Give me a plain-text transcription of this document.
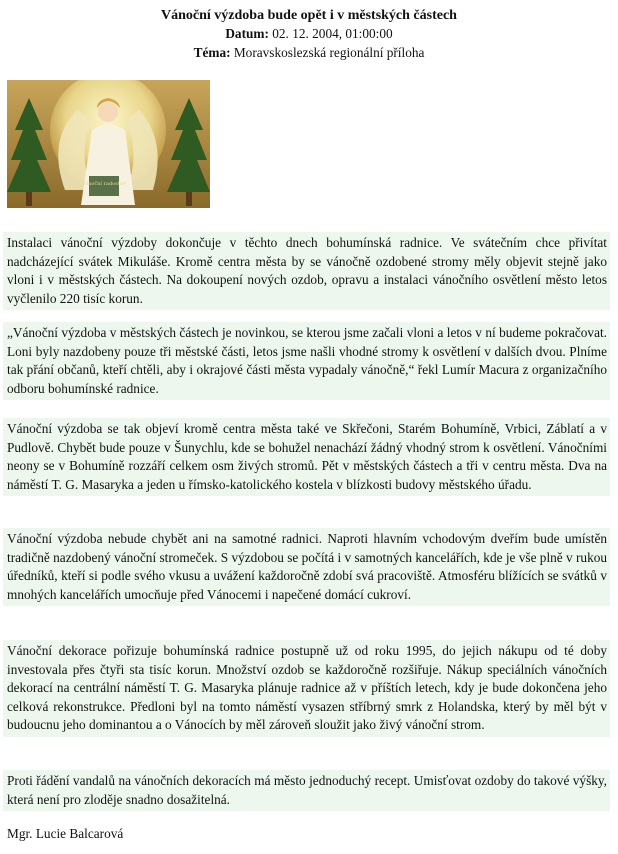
Vánoční výzdoba bude opět i v městských částech
Datum: 02. 12. 2004, 01:00:00
Téma: Moravskoslezská regionální příloha
Vánoční radostné
Instalaci vánoční výzdoby dokončuje v těchto dnech bohumínská radnice. Ve svátečním chce přivítat nadcházející svátek Mikuláše. Kromě centra města by se vánočně ozdobené stromy měly objevit stejně jako vloni i v městských částech. Na dokoupení nových ozdob, opravu a instalaci vánočního osvětlení město letos vyčlenilo 220 tisíc korun.
„Vánoční výzdoba v městských částech je novinkou, se kterou jsme začali vloni a letos v ní budeme pokračovat. Loni byly nazdobeny pouze tři městské části, letos jsme našli vhodné stromy k osvětlení v dalších dvou. Plníme tak přání občanů, kteří chtěli, aby i okrajové části města vypadaly vánočně,“ řekl Lumír Macura z organizačního odboru bohumínské radnice.
Vánoční výzdoba se tak objeví kromě centra města také ve Skřečoni, Starém Bohumíně, Vrbici, Záblatí a v Pudlově. Chybět bude pouze v Šunychlu, kde se bohužel nenachází žádný vhodný strom k osvětlení. Vánočními neony se v Bohumíně rozzáří celkem osm živých stromů. Pět v městských částech a tři v centru města. Dva na náměstí T. G. Masaryka a jeden u římsko-katolického kostela v blízkosti budovy městského úřadu.
Vánoční výzdoba nebude chybět ani na samotné radnici. Naproti hlavním vchodovým dveřím bude umístěn tradičně nazdobený vánoční stromeček. S výzdobou se počítá i v samotných kancelářích, kde je vše plně v rukou úředníků, kteří si podle svého vkusu a uvážení každoročně zdobí svá pracoviště. Atmosféru blížících se svátků v mnohých kancelářích umocňuje před Vánocemi i napečené domácí cukroví.
Vánoční dekorace pořizuje bohumínská radnice postupně už od roku 1995, do jejich nákupu od té doby investovala přes čtyři sta tisíc korun. Množství ozdob se každoročně rozšiřuje. Nákup speciálních vánočních dekorací na centrální náměstí T. G. Masaryka plánuje radnice až v příštích letech, kdy je bude dokončena jeho celková rekonstrukce. Předloni byl na tomto náměstí vysazen stříbrný smrk z Holandska, který by měl být v budoucnu jeho dominantou a o Vánocích by měl zároveň sloužit jako živý vánoční strom.
Proti řádění vandalů na vánočních dekoracích má město jednoduchý recept. Umisťovat ozdoby do takové výšky, která není pro zloděje snadno dosažitelná.
Mgr. Lucie Balcarová
